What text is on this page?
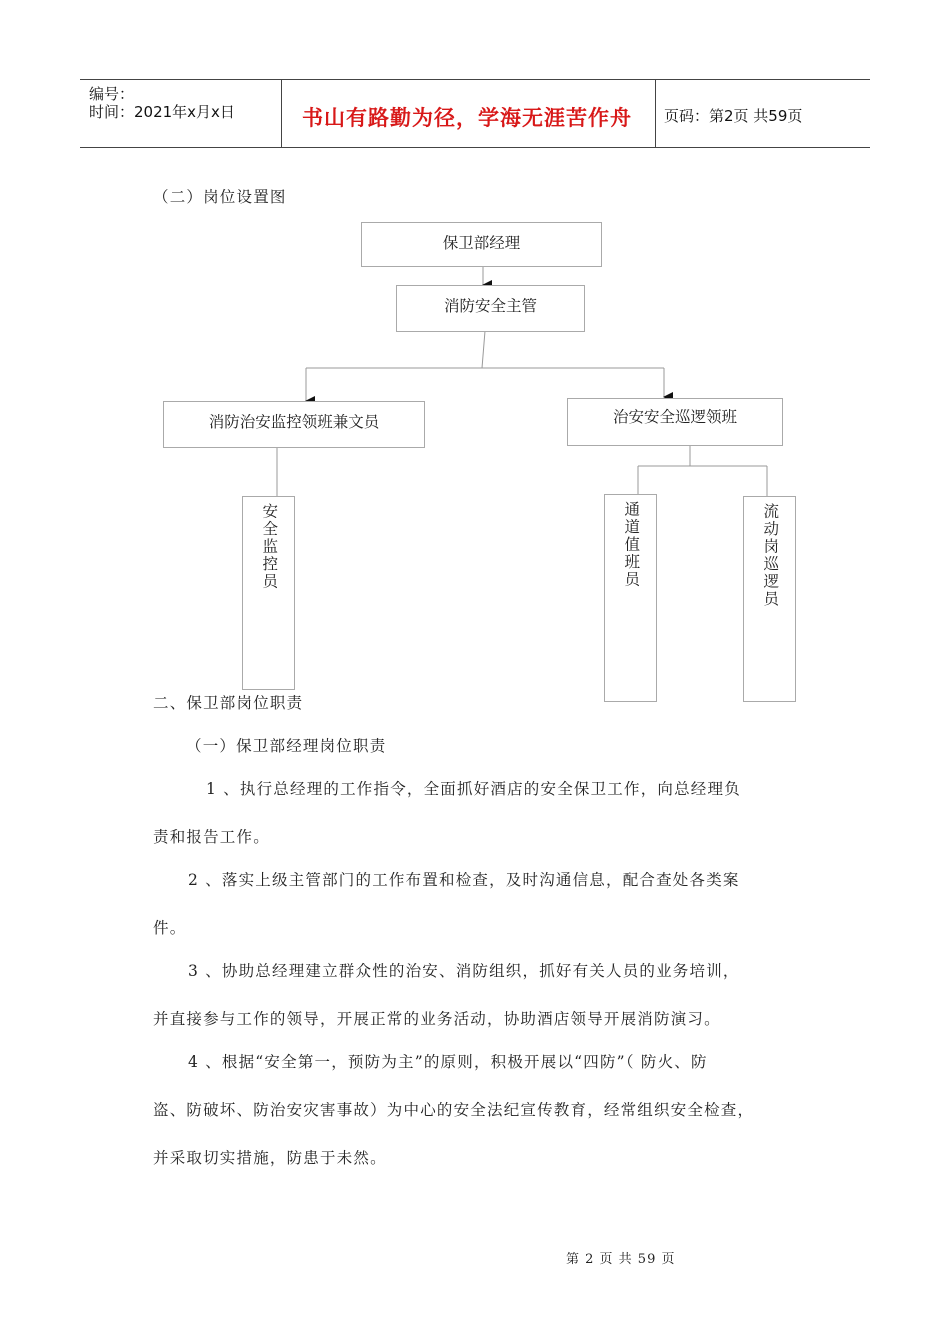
编号：
时间：2021年x月x日	书山有路勤为径，学海无涯苦作舟 页码：第2页 共59页
（二）岗位设置图
保卫部经理
消防安全主管
消防治安监控领班兼文员	治安安全巡逻领班
安全监控员	通道值班员	流动岗巡逻员
二、保卫部岗位职责
（一）保卫部经理岗位职责
1 、执行总经理的工作指令，全面抓好酒店的安全保卫工作，向总经理负
责和报告工作。
2 、落实上级主管部门的工作布置和检查，及时沟通信息，配合查处各类案
件。
3 、协助总经理建立群众性的治安、消防组织，抓好有关人员的业务培训，
并直接参与工作的领导，开展正常的业务活动，协助酒店领导开展消防演习。
4 、根据“安全第一，预防为主”的原则，积极开展以“四防”（ 防火、防
盗、防破坏、防治安灾害事故）为中心的安全法纪宣传教育，经常组织安全检查，
并采取切实措施，防患于未然。
第 2 页 共 59 页
